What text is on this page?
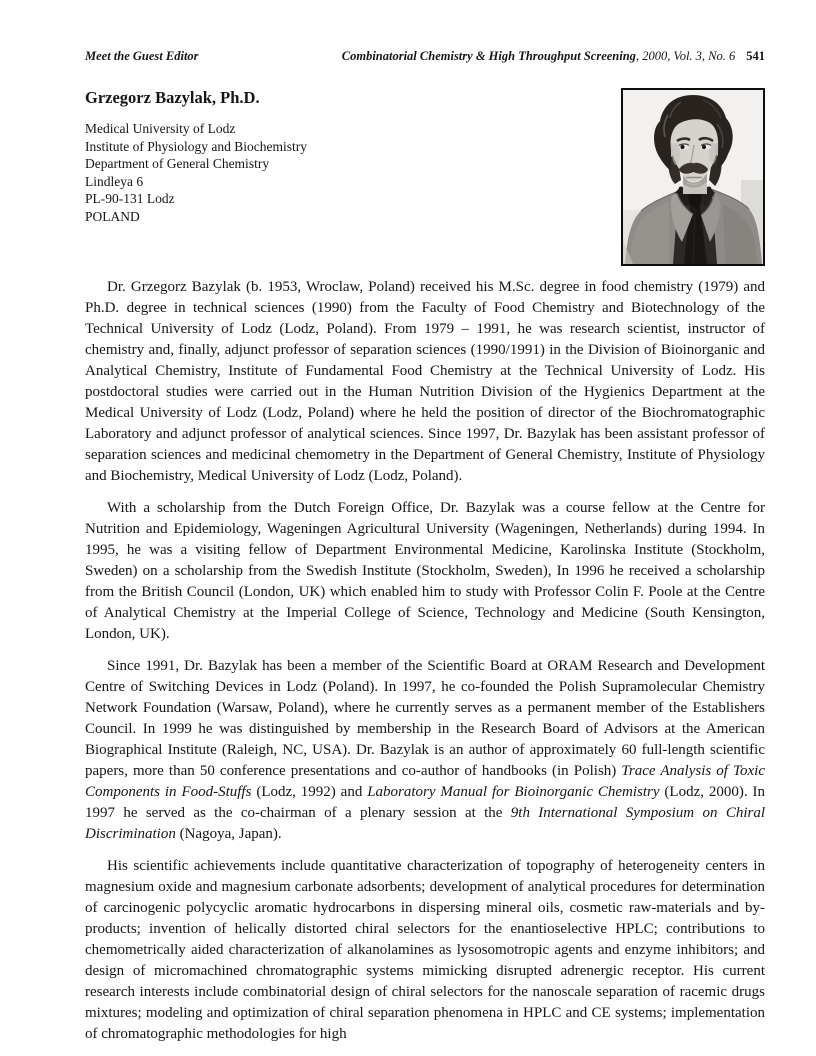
Meet the Guest Editor	Combinatorial Chemistry & High Throughput Screening, 2000, Vol. 3, No. 6 541
Grzegorz Bazylak, Ph.D.
Medical University of Lodz
Institute of Physiology and Biochemistry
Department of General Chemistry
Lindleya 6
PL-90-131 Lodz
POLAND

Dr. Grzegorz Bazylak (b. 1953, Wroclaw, Poland) received his M.Sc. degree in food chemistry (1979) and Ph.D. degree in technical sciences (1990) from the Faculty of Food Chemistry and Biotechnology of the Technical University of Lodz (Lodz, Poland). From 1979 – 1991, he was research scientist, instructor of chemistry and, finally, adjunct professor of separation sciences (1990/1991) in the Division of Bioinorganic and Analytical Chemistry, Institute of Fundamental Food Chemistry at the Technical University of Lodz. His postdoctoral studies were carried out in the Human Nutrition Division of the Hygienics Department at the Medical University of Lodz (Lodz, Poland) where he held the position of director of the Biochromatographic Laboratory and adjunct professor of analytical sciences. Since 1997, Dr. Bazylak has been assistant professor of separation sciences and medicinal chemometry in the Department of General Chemistry, Institute of Physiology and Biochemistry, Medical University of Lodz (Lodz, Poland).

With a scholarship from the Dutch Foreign Office, Dr. Bazylak was a course fellow at the Centre for Nutrition and Epidemiology, Wageningen Agricultural University (Wageningen, Netherlands) during 1994. In 1995, he was a visiting fellow of Department Environmental Medicine, Karolinska Institute (Stockholm, Sweden) on a scholarship from the Swedish Institute (Stockholm, Sweden), In 1996 he received a scholarship from the British Council (London, UK) which enabled him to study with Professor Colin F. Poole at the Centre of Analytical Chemistry at the Imperial College of Science, Technology and Medicine (South Kensington, London, UK).

Since 1991, Dr. Bazylak has been a member of the Scientific Board at ORAM Research and Development Centre of Switching Devices in Lodz (Poland). In 1997, he co-founded the Polish Supramolecular Chemistry Network Foundation (Warsaw, Poland), where he currently serves as a permanent member of the Establishers Council. In 1999 he was distinguished by membership in the Research Board of Advisors at the American Biographical Institute (Raleigh, NC, USA). Dr. Bazylak is an author of approximately 60 full-length scientific papers, more than 50 conference presentations and co-author of handbooks (in Polish) Trace Analysis of Toxic Components in Food-Stuffs (Lodz, 1992) and Laboratory Manual for Bioinorganic Chemistry (Lodz, 2000). In 1997 he served as the co-chairman of a plenary session at the 9th International Symposium on Chiral Discrimination (Nagoya, Japan).

His scientific achievements include quantitative characterization of topography of heterogeneity centers in magnesium oxide and magnesium carbonate adsorbents; development of analytical procedures for determination of carcinogenic polycyclic aromatic hydrocarbons in dispersing mineral oils, cosmetic raw-materials and by-products; invention of helically distorted chiral selectors for the enantioselective HPLC; contributions to chemometrically aided characterization of alkanolamines as lysosomotropic agents and enzyme inhibitors; and design of micromachined chromatographic systems mimicking disrupted adrenergic receptor. His current research interests include combinatorial design of chiral selectors for the nanoscale separation of racemic drugs mixtures; modeling and optimization of chiral separation phenomena in HPLC and CE systems; implementation of chromatographic methodologies for high
